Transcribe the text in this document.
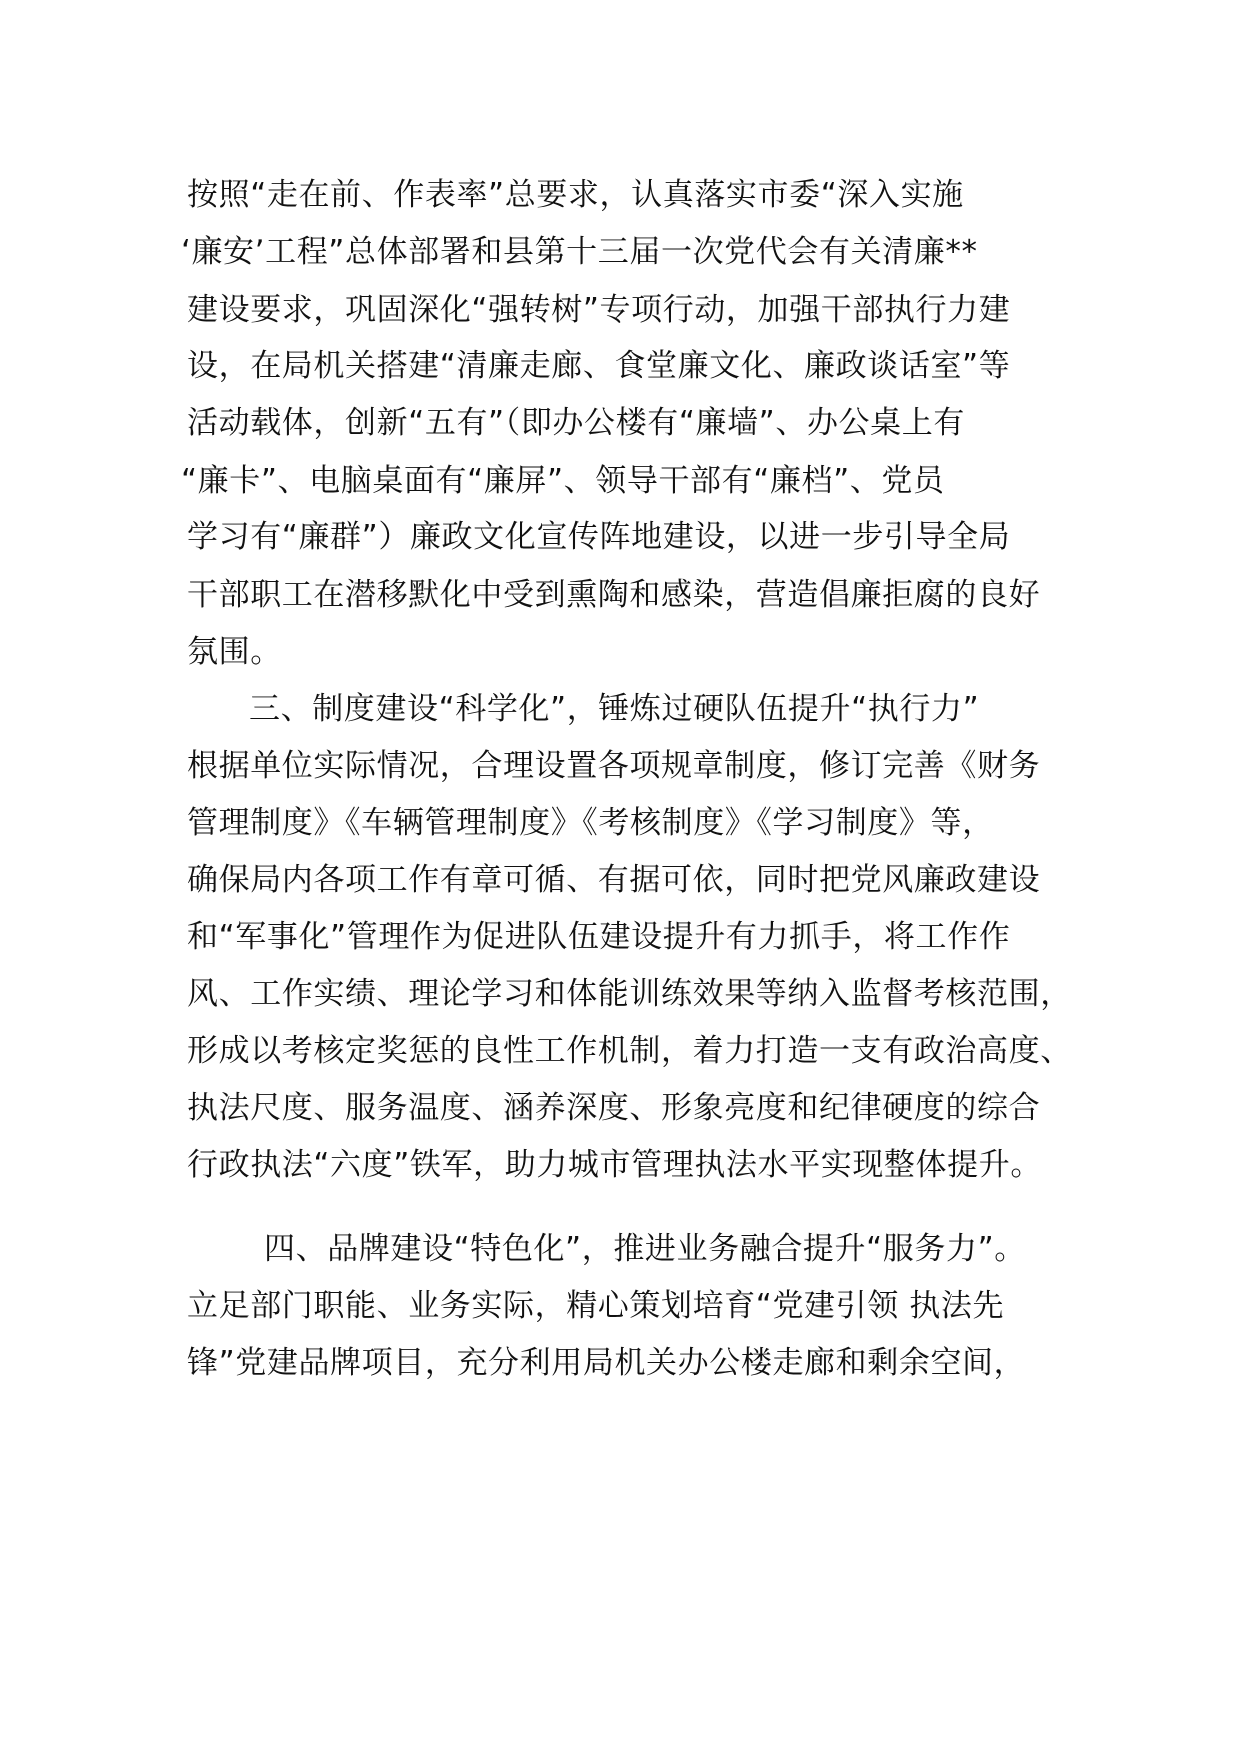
按照“走在前、作表率”总要求，认真落实市委“深入实施
‘廉安’工程”总体部署和县第十三届一次党代会有关清廉**
建设要求，巩固深化“强转树”专项行动，加强干部执行力建
设，在局机关搭建“清廉走廊、食堂廉文化、廉政谈话室”等
活动载体，创新“五有”（即办公楼有“廉墙”、办公桌上有
“廉卡”、电脑桌面有“廉屏”、领导干部有“廉档”、党员
学习有“廉群”）廉政文化宣传阵地建设，以进一步引导全局
干部职工在潜移默化中受到熏陶和感染，营造倡廉拒腐的良好
氛围。
三、制度建设“科学化”，锤炼过硬队伍提升“执行力”
根据单位实际情况，合理设置各项规章制度，修订完善《财务
管理制度》《车辆管理制度》《考核制度》《学习制度》等，
确保局内各项工作有章可循、有据可依，同时把党风廉政建设
和“军事化”管理作为促进队伍建设提升有力抓手，将工作作
风、工作实绩、理论学习和体能训练效果等纳入监督考核范围，
形成以考核定奖惩的良性工作机制，着力打造一支有政治高度、
执法尺度、服务温度、涵养深度、形象亮度和纪律硬度的综合
行政执法“六度”铁军，助力城市管理执法水平实现整体提升。
四、品牌建设“特色化”，推进业务融合提升“服务力”。
立足部门职能、业务实际，精心策划培育“党建引领 执法先
锋”党建品牌项目，充分利用局机关办公楼走廊和剩余空间，
